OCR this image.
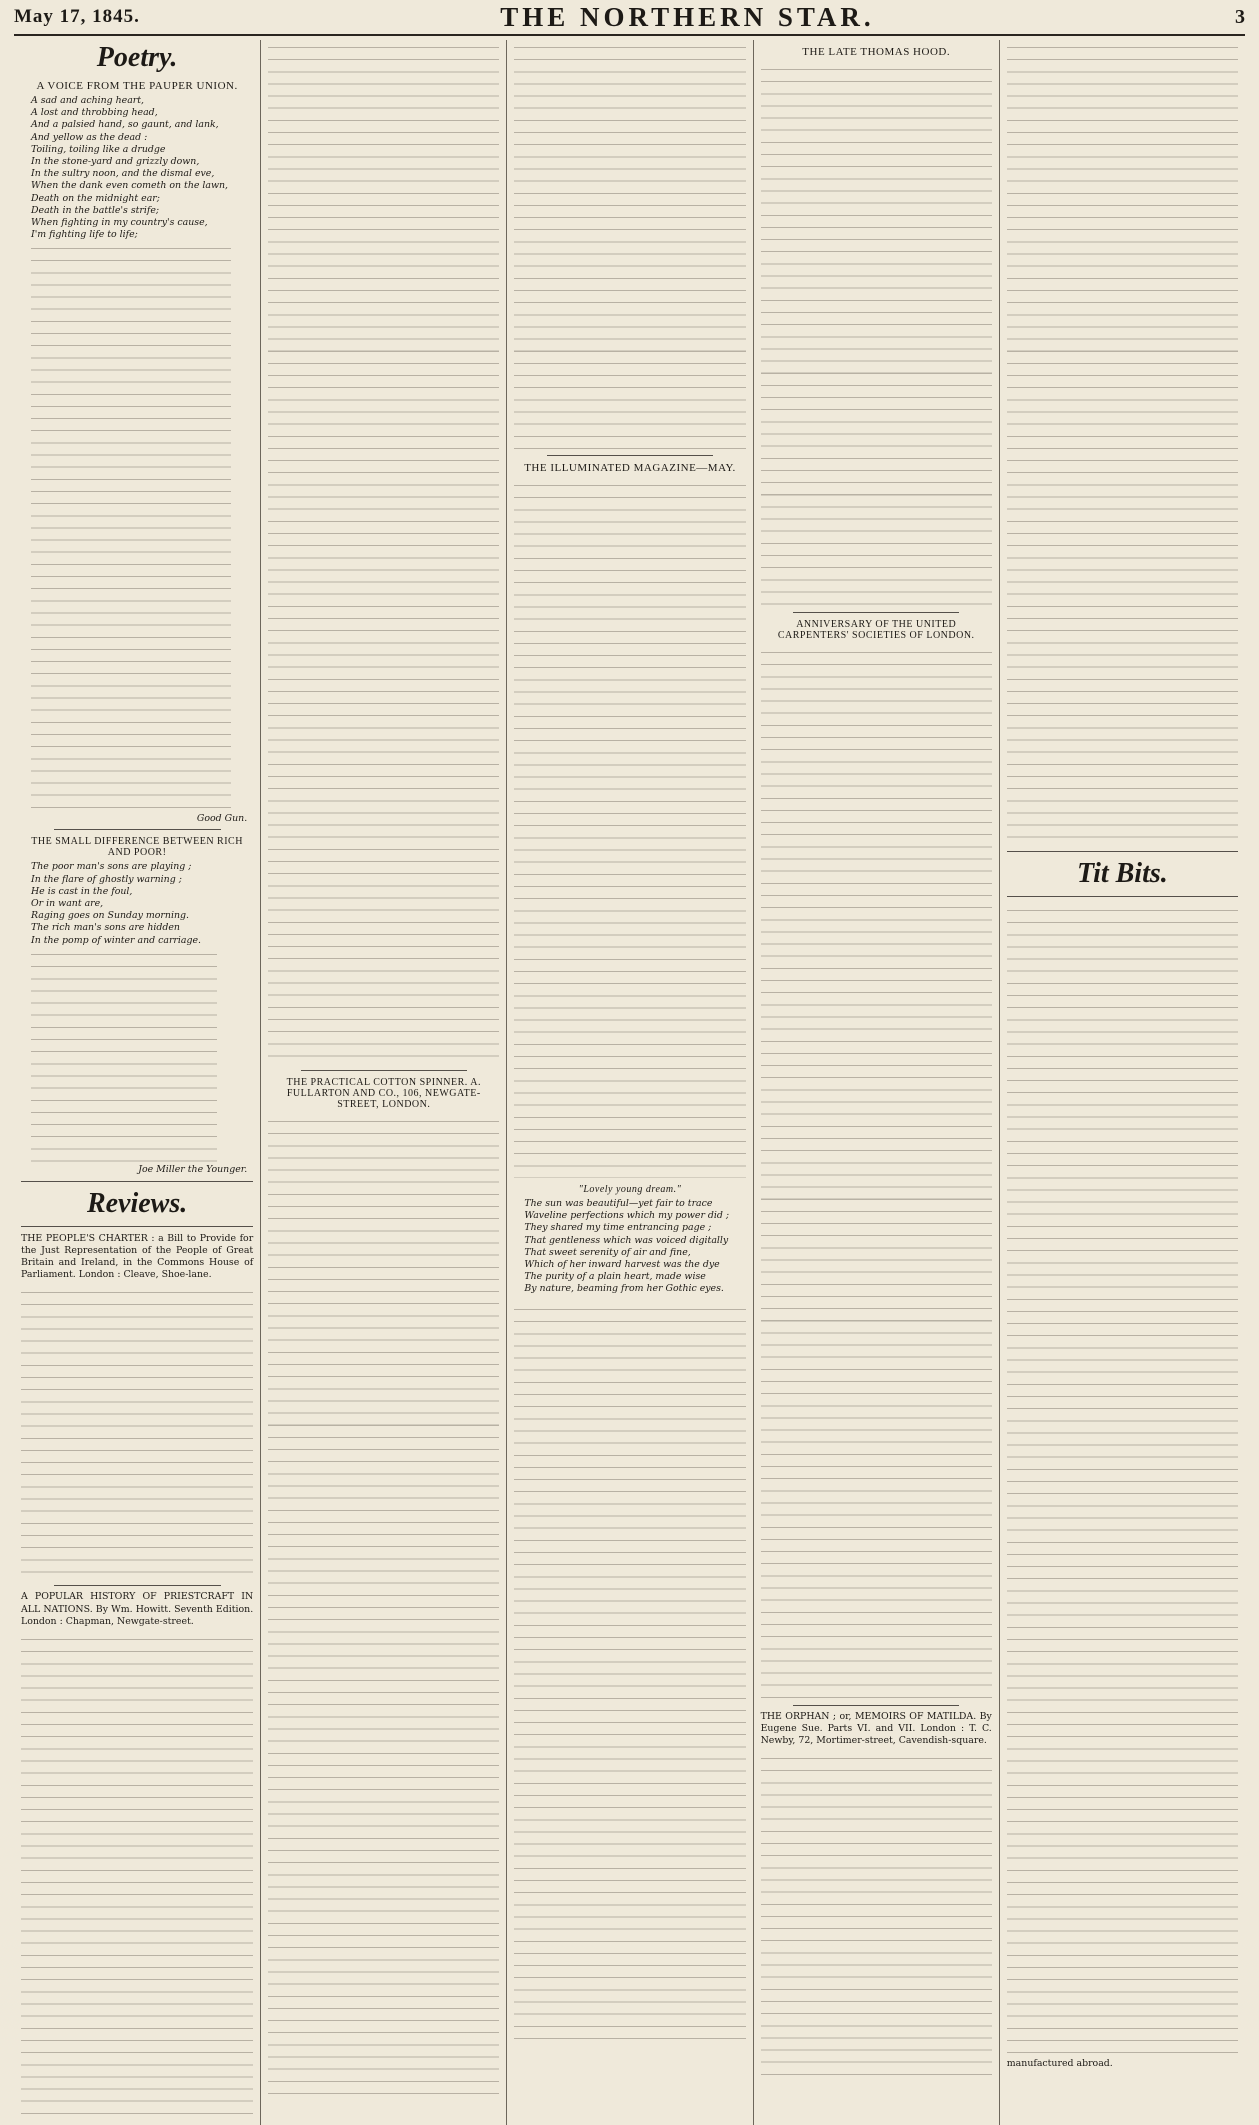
May 17, 1845.	THE NORTHERN STAR.	3
Poetry.
A VOICE FROM THE PAUPER UNION.
A sad and aching heart,
A lost and throbbing head,
And a palsied hand, so gaunt, and lank,
And yellow as the dead :
Toiling, toiling like a drudge
In the stone-yard and grizzly down,
In the sultry noon, and the dismal eve,
When the dank even cometh on the lawn,
Death on the midnight ear;
Death in the battle's strife;
When fighting in my country's cause,
I'm fighting life to life;
Good Gun.
THE SMALL DIFFERENCE BETWEEN RICH AND POOR!
The poor man's sons are playing ;
In the flare of ghostly warning ;
He is cast in the foul,
Or in want are,
Raging goes on Sunday morning.
The rich man's sons are hidden
In the pomp of winter and carriage.
Joe Miller the Younger.
Reviews.

THE PEOPLE'S CHARTER : a Bill to Provide for the Just Representation of the People of Great Britain and Ireland, in the Commons House of Parliament. London : Cleave, Shoe-lane.

A POPULAR HISTORY OF PRIESTCRAFT IN ALL NATIONS. By Wm. Howitt. Seventh Edition. London : Chapman, Newgate-street.

THE PRACTICAL COTTON SPINNER. A. FULLARTON AND CO., 106, NEWGATE-STREET, LONDON.
THE ILLUMINATED MAGAZINE—MAY.
"Lovely young dream."
The sun was beautiful—yet fair to trace
Waveline perfections which my power did ;
They shared my time entrancing page ;
That gentleness which was voiced digitally
That sweet serenity of air and fine,
Which of her inward harvest was the dye
The purity of a plain heart, made wise
By nature, beaming from her Gothic eyes.
THE LATE THOMAS HOOD.
ANNIVERSARY OF THE UNITED CARPENTERS' SOCIETIES OF LONDON.

THE ORPHAN ; or, MEMOIRS OF MATILDA. By Eugene Sue. Parts VI. and VII. London : T. C. Newby, 72, Mortimer-street, Cavendish-square.

Tit Bits.

manufactured abroad.
